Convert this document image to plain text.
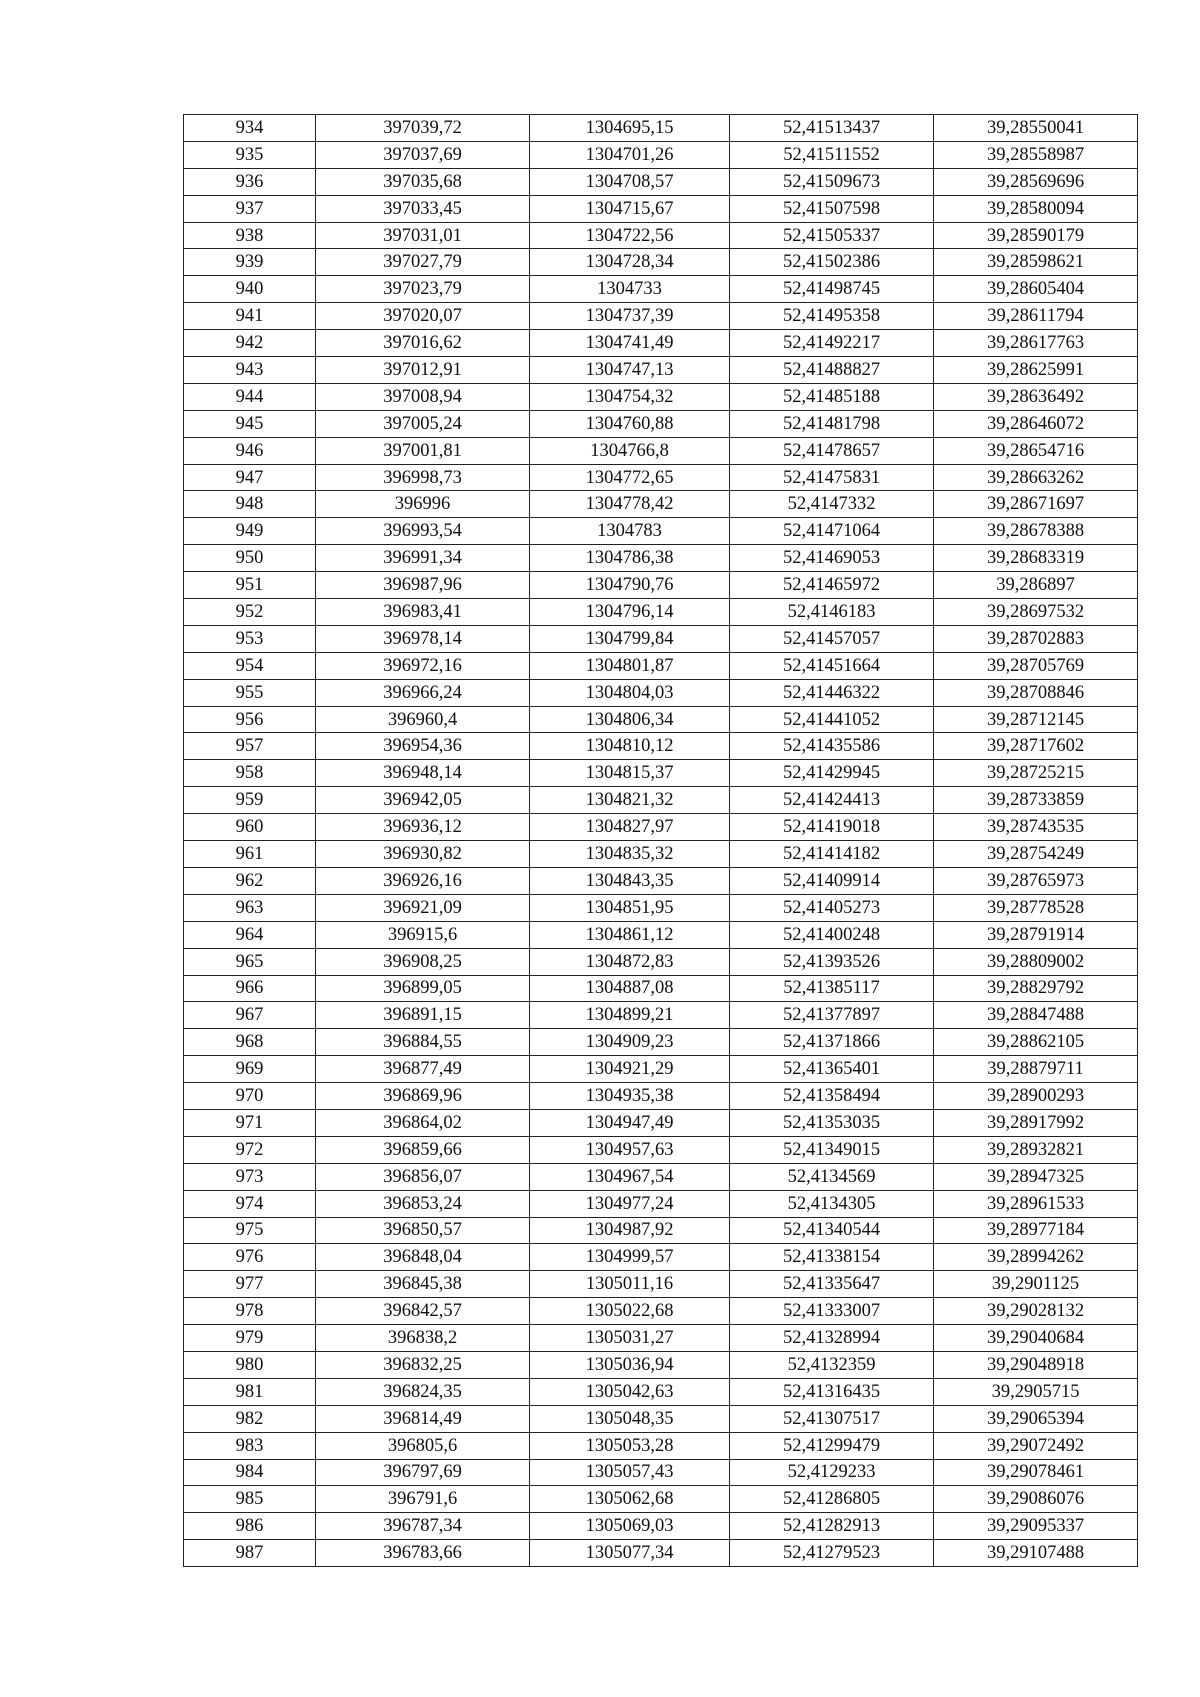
934	397039,72	1304695,15	52,41513437	39,28550041
935	397037,69	1304701,26	52,41511552	39,28558987
936	397035,68	1304708,57	52,41509673	39,28569696
937	397033,45	1304715,67	52,41507598	39,28580094
938	397031,01	1304722,56	52,41505337	39,28590179
939	397027,79	1304728,34	52,41502386	39,28598621
940	397023,79	1304733	52,41498745	39,28605404
941	397020,07	1304737,39	52,41495358	39,28611794
942	397016,62	1304741,49	52,41492217	39,28617763
943	397012,91	1304747,13	52,41488827	39,28625991
944	397008,94	1304754,32	52,41485188	39,28636492
945	397005,24	1304760,88	52,41481798	39,28646072
946	397001,81	1304766,8	52,41478657	39,28654716
947	396998,73	1304772,65	52,41475831	39,28663262
948	396996	1304778,42	52,4147332	39,28671697
949	396993,54	1304783	52,41471064	39,28678388
950	396991,34	1304786,38	52,41469053	39,28683319
951	396987,96	1304790,76	52,41465972	39,286897
952	396983,41	1304796,14	52,4146183	39,28697532
953	396978,14	1304799,84	52,41457057	39,28702883
954	396972,16	1304801,87	52,41451664	39,28705769
955	396966,24	1304804,03	52,41446322	39,28708846
956	396960,4	1304806,34	52,41441052	39,28712145
957	396954,36	1304810,12	52,41435586	39,28717602
958	396948,14	1304815,37	52,41429945	39,28725215
959	396942,05	1304821,32	52,41424413	39,28733859
960	396936,12	1304827,97	52,41419018	39,28743535
961	396930,82	1304835,32	52,41414182	39,28754249
962	396926,16	1304843,35	52,41409914	39,28765973
963	396921,09	1304851,95	52,41405273	39,28778528
964	396915,6	1304861,12	52,41400248	39,28791914
965	396908,25	1304872,83	52,41393526	39,28809002
966	396899,05	1304887,08	52,41385117	39,28829792
967	396891,15	1304899,21	52,41377897	39,28847488
968	396884,55	1304909,23	52,41371866	39,28862105
969	396877,49	1304921,29	52,41365401	39,28879711
970	396869,96	1304935,38	52,41358494	39,28900293
971	396864,02	1304947,49	52,41353035	39,28917992
972	396859,66	1304957,63	52,41349015	39,28932821
973	396856,07	1304967,54	52,4134569	39,28947325
974	396853,24	1304977,24	52,4134305	39,28961533
975	396850,57	1304987,92	52,41340544	39,28977184
976	396848,04	1304999,57	52,41338154	39,28994262
977	396845,38	1305011,16	52,41335647	39,2901125
978	396842,57	1305022,68	52,41333007	39,29028132
979	396838,2	1305031,27	52,41328994	39,29040684
980	396832,25	1305036,94	52,4132359	39,29048918
981	396824,35	1305042,63	52,41316435	39,2905715
982	396814,49	1305048,35	52,41307517	39,29065394
983	396805,6	1305053,28	52,41299479	39,29072492
984	396797,69	1305057,43	52,4129233	39,29078461
985	396791,6	1305062,68	52,41286805	39,29086076
986	396787,34	1305069,03	52,41282913	39,29095337
987	396783,66	1305077,34	52,41279523	39,29107488
